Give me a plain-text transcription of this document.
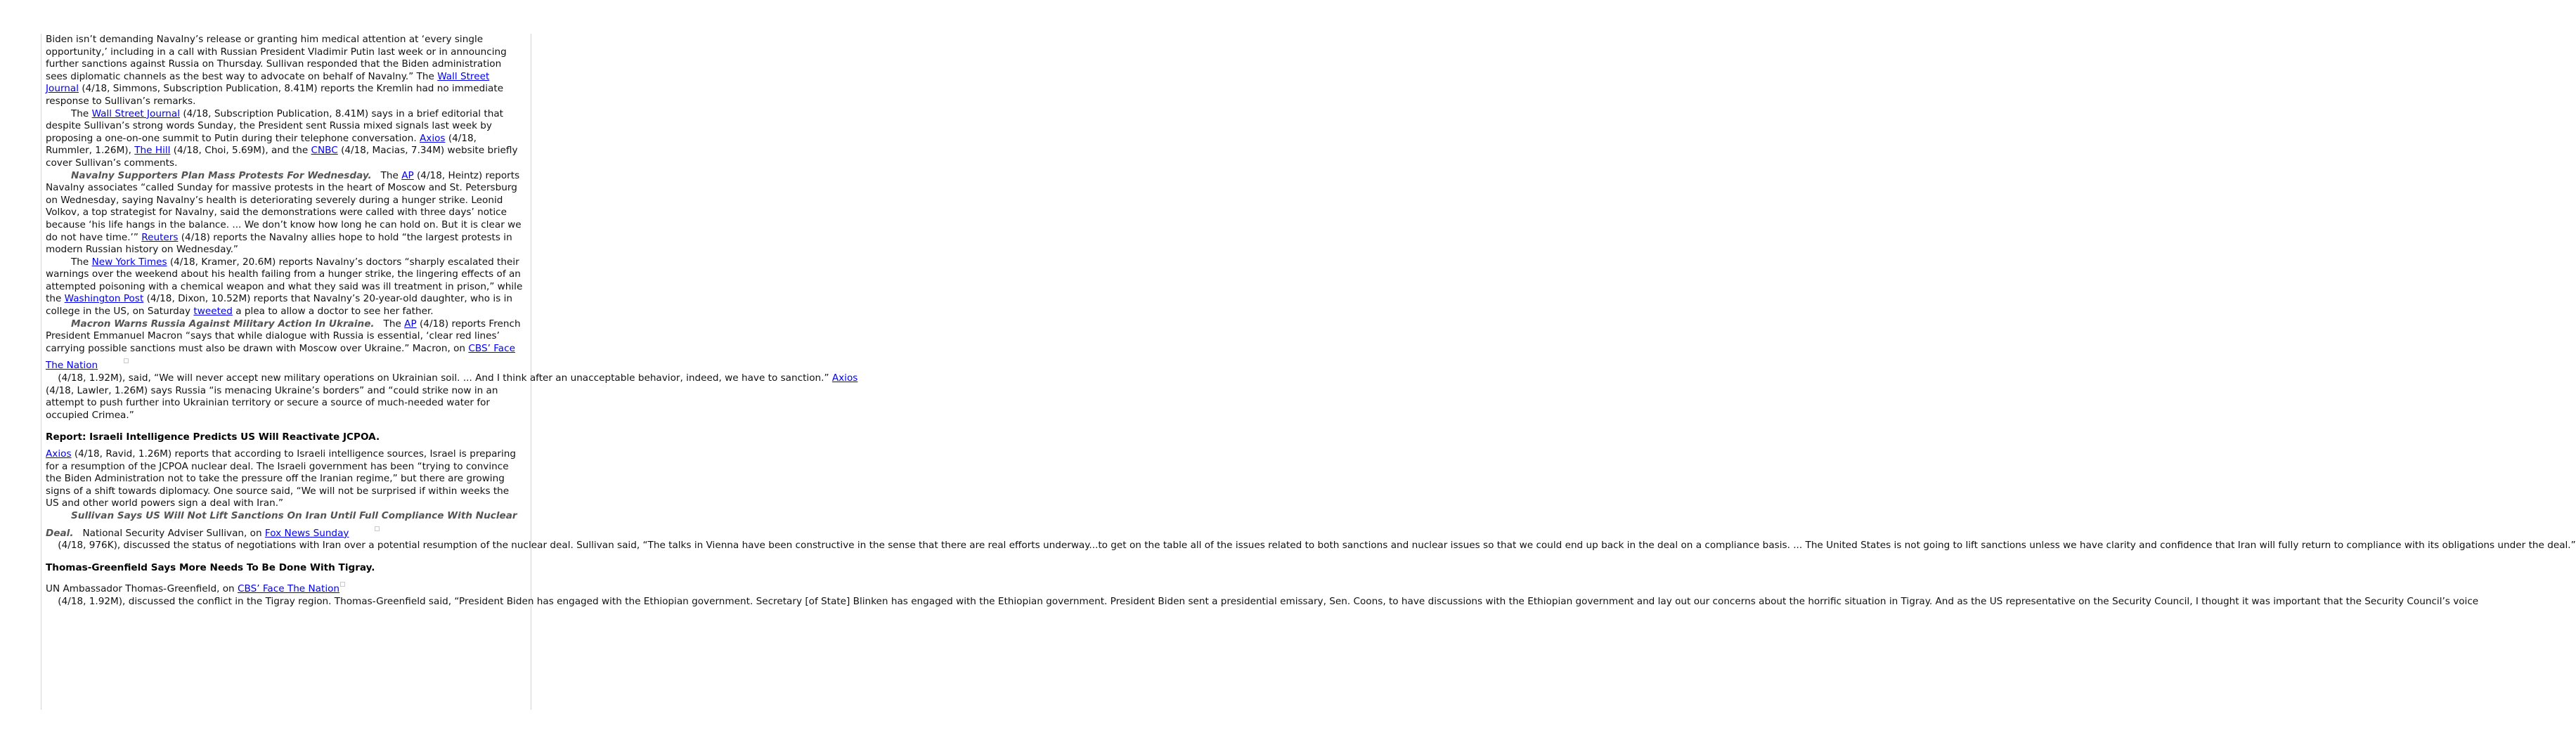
Biden isn’t demanding Navalny’s release or granting him medical attention at ‘every single opportunity,’ including in a call with Russian President Vladimir Putin last week or in announcing further sanctions against Russia on Thursday. Sullivan responded that the Biden administration sees diplomatic channels as the best way to advocate on behalf of Navalny.” The Wall Street Journal (4/18, Simmons, Subscription Publication, 8.41M) reports the Kremlin had no immediate response to Sullivan’s remarks.

The Wall Street Journal (4/18, Subscription Publication, 8.41M) says in a brief editorial that despite Sullivan’s strong words Sunday, the President sent Russia mixed signals last week by proposing a one-on-one summit to Putin during their telephone conversation. Axios (4/18, Rummler, 1.26M), The Hill (4/18, Choi, 5.69M), and the CNBC (4/18, Macias, 7.34M) website briefly cover Sullivan’s comments.

Navalny Supporters Plan Mass Protests For Wednesday.   The AP (4/18, Heintz) reports Navalny associates “called Sunday for massive protests in the heart of Moscow and St. Petersburg on Wednesday, saying Navalny’s health is deteriorating severely during a hunger strike. Leonid Volkov, a top strategist for Navalny, said the demonstrations were called with three days’ notice because ‘his life hangs in the balance. ... We don’t know how long he can hold on. But it is clear we do not have time.’” Reuters (4/18) reports the Navalny allies hope to hold “the largest protests in modern Russian history on Wednesday.”

The New York Times (4/18, Kramer, 20.6M) reports Navalny’s doctors “sharply escalated their warnings over the weekend about his health failing from a hunger strike, the lingering effects of an attempted poisoning with a chemical weapon and what they said was ill treatment in prison,” while the Washington Post (4/18, Dixon, 10.52M) reports that Navalny’s 20-year-old daughter, who is in college in the US, on Saturday tweeted a plea to allow a doctor to see her father.

Macron Warns Russia Against Military Action In Ukraine.   The AP (4/18) reports French President Emmanuel Macron “says that while dialogue with Russia is essential, ‘clear red lines’ carrying possible sanctions must also be drawn with Moscow over Ukraine.” Macron, on CBS’ Face The Nation    (4/18, 1.92M), said, “We will never accept new military operations on Ukrainian soil. ... And I think after an unacceptable behavior, indeed, we have to sanction.” Axios (4/18, Lawler, 1.26M) says Russia “is menacing Ukraine’s borders” and “could strike now in an attempt to push further into Ukrainian territory or secure a source of much-needed water for occupied Crimea.”

Report: Israeli Intelligence Predicts US Will Reactivate JCPOA.

Axios (4/18, Ravid, 1.26M) reports that according to Israeli intelligence sources, Israel is preparing for a resumption of the JCPOA nuclear deal. The Israeli government has been “trying to convince the Biden Administration not to take the pressure off the Iranian regime,” but there are growing signs of a shift towards diplomacy. One source said, “We will not be surprised if within weeks the US and other world powers sign a deal with Iran.”

Sullivan Says US Will Not Lift Sanctions On Iran Until Full Compliance With Nuclear Deal.   National Security Adviser Sullivan, on Fox News Sunday    (4/18, 976K), discussed the status of negotiations with Iran over a potential resumption of the nuclear deal. Sullivan said, “The talks in Vienna have been constructive in the sense that there are real efforts underway...to get on the table all of the issues related to both sanctions and nuclear issues so that we could end up back in the deal on a compliance basis. ... The United States is not going to lift sanctions unless we have clarity and confidence that Iran will fully return to compliance with its obligations under the deal.”

Thomas-Greenfield Says More Needs To Be Done With Tigray.

UN Ambassador Thomas-Greenfield, on CBS’ Face The Nation    (4/18, 1.92M), discussed the conflict in the Tigray region. Thomas-Greenfield said, “President Biden has engaged with the Ethiopian government. Secretary [of State] Blinken has engaged with the Ethiopian government. President Biden sent a presidential emissary, Sen. Coons, to have discussions with the Ethiopian government and lay out our concerns about the horrific situation in Tigray. And as the US representative on the Security Council, I thought it was important that the Security Council’s voice
